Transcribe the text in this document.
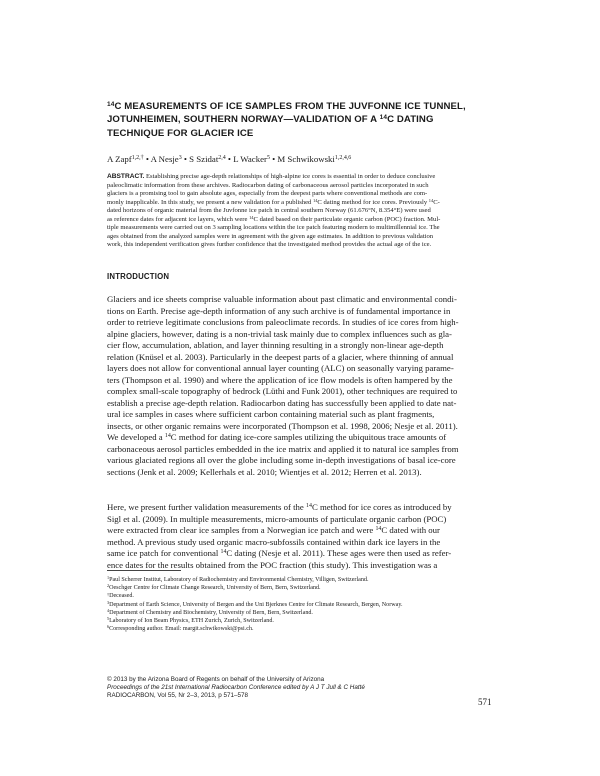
$^{14}$C MEASUREMENTS OF ICE SAMPLES FROM THE JUVFONNE ICE TUNNEL,
JOTUNHEIMEN, SOUTHERN NORWAY—VALIDATION OF A $^{14}$C DATING
TECHNIQUE FOR GLACIER ICE
A Zapf$^{1,2,\dagger}$ • A Nesje$^3$ • S Szidat$^{2,4}$ • L Wacker$^5$ • M Schwikowski$^{1,2,4,6}$
ABSTRACT. Establishing precise age-depth relationships of high-alpine ice cores is essential in order to deduce conclusive
paleoclimatic information from these archives. Radiocarbon dating of carbonaceous aerosol particles incorporated in such
glaciers is a promising tool to gain absolute ages, especially from the deepest parts where conventional methods are com-
monly inapplicable. In this study, we present a new validation for a published $^{14}$C dating method for ice cores. Previously $^{14}$C-
dated horizons of organic material from the Juvfonne ice patch in central southern Norway (61.676°N, 8.354°E) were used
as reference dates for adjacent ice layers, which were $^{14}$C dated based on their particulate organic carbon (POC) fraction. Mul-
tiple measurements were carried out on 3 sampling locations within the ice patch featuring modern to multimillennial ice. The
ages obtained from the analyzed samples were in agreement with the given age estimates. In addition to previous validation
work, this independent verification gives further confidence that the investigated method provides the actual age of the ice.
INTRODUCTION
Glaciers and ice sheets comprise valuable information about past climatic and environmental condi-
tions on Earth. Precise age-depth information of any such archive is of fundamental importance in
order to retrieve legitimate conclusions from paleoclimate records. In studies of ice cores from high-
alpine glaciers, however, dating is a non-trivial task mainly due to complex influences such as gla-
cier flow, accumulation, ablation, and layer thinning resulting in a strongly non-linear age-depth
relation (Knüsel et al. 2003). Particularly in the deepest parts of a glacier, where thinning of annual
layers does not allow for conventional annual layer counting (ALC) on seasonally varying parame-
ters (Thompson et al. 1990) and where the application of ice flow models is often hampered by the
complex small-scale topography of bedrock (Lüthi and Funk 2001), other techniques are required to
establish a precise age-depth relation. Radiocarbon dating has successfully been applied to date nat-
ural ice samples in cases where sufficient carbon containing material such as plant fragments,
insects, or other organic remains were incorporated (Thompson et al. 1998, 2006; Nesje et al. 2011).
We developed a $^{14}$C method for dating ice-core samples utilizing the ubiquitous trace amounts of
carbonaceous aerosol particles embedded in the ice matrix and applied it to natural ice samples from
various glaciated regions all over the globe including some in-depth investigations of basal ice-core
sections (Jenk et al. 2009; Kellerhals et al. 2010; Wientjes et al. 2012; Herren et al. 2013).
Here, we present further validation measurements of the $^{14}$C method for ice cores as introduced by
Sigl et al. (2009). In multiple measurements, micro-amounts of particulate organic carbon (POC)
were extracted from clear ice samples from a Norwegian ice patch and were $^{14}$C dated with our
method. A previous study used organic macro-subfossils contained within dark ice layers in the
same ice patch for conventional $^{14}$C dating (Nesje et al. 2011). These ages were then used as refer-
ence dates for the results obtained from the POC fraction (this study). This investigation was a
$^1$Paul Scherrer Institut, Laboratory of Radiochemistry and Environmental Chemistry, Villigen, Switzerland.
$^2$Oeschger Centre for Climate Change Research, University of Bern, Bern, Switzerland.
†Deceased.
$^3$Department of Earth Science, University of Bergen and the Uni Bjerknes Centre for Climate Research, Bergen, Norway.
$^4$Department of Chemistry and Biochemistry, University of Bern, Bern, Switzerland.
$^5$Laboratory of Ion Beam Physics, ETH Zurich, Zurich, Switzerland.
$^6$Corresponding author. Email: margit.schwikowski@psi.ch.
© 2013 by the Arizona Board of Regents on behalf of the University of Arizona
Proceedings of the 21st International Radiocarbon Conference edited by A J T Jull & C Hatté
RADIOCARBON, Vol 55, Nr 2–3, 2013, p 571–578
571
